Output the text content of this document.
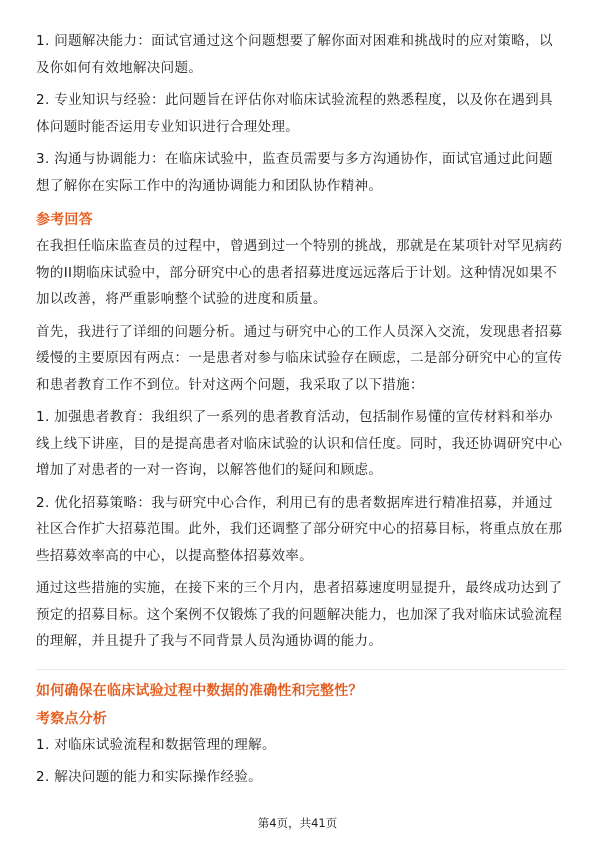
1. 问题解决能力：面试官通过这个问题想要了解你面对困难和挑战时的应对策略，以及你如何有效地解决问题。

2. 专业知识与经验：此问题旨在评估你对临床试验流程的熟悉程度，以及你在遇到具体问题时能否运用专业知识进行合理处理。

3. 沟通与协调能力：在临床试验中，监查员需要与多方沟通协作，面试官通过此问题想了解你在实际工作中的沟通协调能力和团队协作精神。

参考回答

在我担任临床监查员的过程中，曾遇到过一个特别的挑战，那就是在某项针对罕见病药物的II期临床试验中，部分研究中心的患者招募进度远远落后于计划。这种情况如果不加以改善，将严重影响整个试验的进度和质量。

首先，我进行了详细的问题分析。通过与研究中心的工作人员深入交流，发现患者招募缓慢的主要原因有两点：一是患者对参与临床试验存在顾虑，二是部分研究中心的宣传和患者教育工作不到位。针对这两个问题，我采取了以下措施：

1. 加强患者教育：我组织了一系列的患者教育活动，包括制作易懂的宣传材料和举办线上线下讲座，目的是提高患者对临床试验的认识和信任度。同时，我还协调研究中心增加了对患者的一对一咨询，以解答他们的疑问和顾虑。

2. 优化招募策略：我与研究中心合作，利用已有的患者数据库进行精准招募，并通过社区合作扩大招募范围。此外，我们还调整了部分研究中心的招募目标，将重点放在那些招募效率高的中心，以提高整体招募效率。

通过这些措施的实施，在接下来的三个月内，患者招募速度明显提升，最终成功达到了预定的招募目标。这个案例不仅锻炼了我的问题解决能力，也加深了我对临床试验流程的理解，并且提升了我与不同背景人员沟通协调的能力。

如何确保在临床试验过程中数据的准确性和完整性？

考察点分析

1. 对临床试验流程和数据管理的理解。

2. 解决问题的能力和实际操作经验。

第4页，共41页
